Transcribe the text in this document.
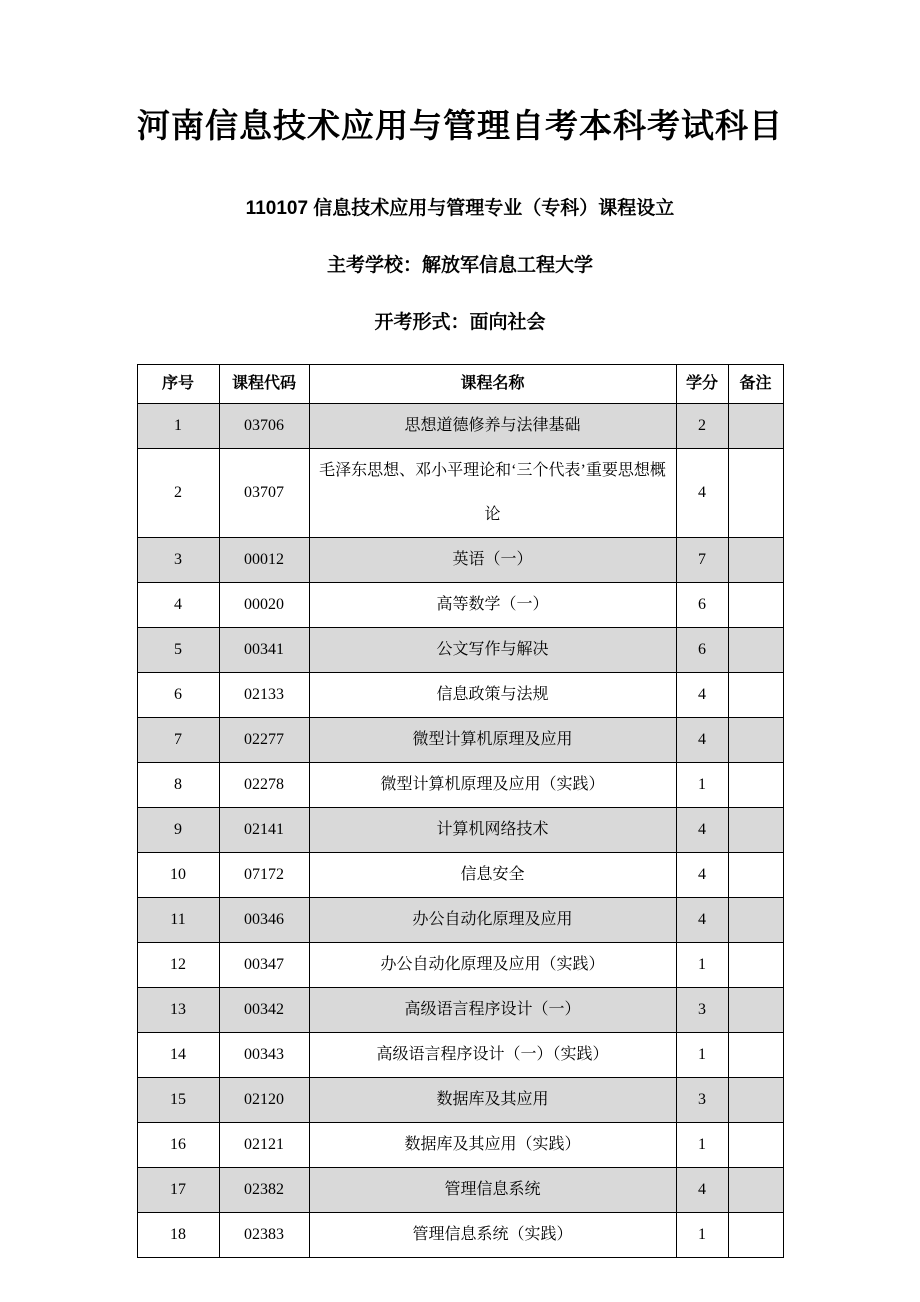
河南信息技术应用与管理自考本科考试科目

110107 信息技术应用与管理专业（专科）课程设立

主考学校：解放军信息工程大学

开考形式：面向社会

序号	课程代码	课程名称	学分	备注
1	03706	思想道德修养与法律基础	2	
2	03707	毛泽东思想、邓小平理论和‘三个代表’重要思想概论	4	
3	00012	英语（一）	7	
4	00020	高等数学（一）	6	
5	00341	公文写作与解决	6	
6	02133	信息政策与法规	4	
7	02277	微型计算机原理及应用	4	
8	02278	微型计算机原理及应用（实践）	1	
9	02141	计算机网络技术	4	
10	07172	信息安全	4	
11	00346	办公自动化原理及应用	4	
12	00347	办公自动化原理及应用（实践）	1	
13	00342	高级语言程序设计（一）	3	
14	00343	高级语言程序设计（一）（实践）	1	
15	02120	数据库及其应用	3	
16	02121	数据库及其应用（实践）	1	
17	02382	管理信息系统	4	
18	02383	管理信息系统（实践）	1	
